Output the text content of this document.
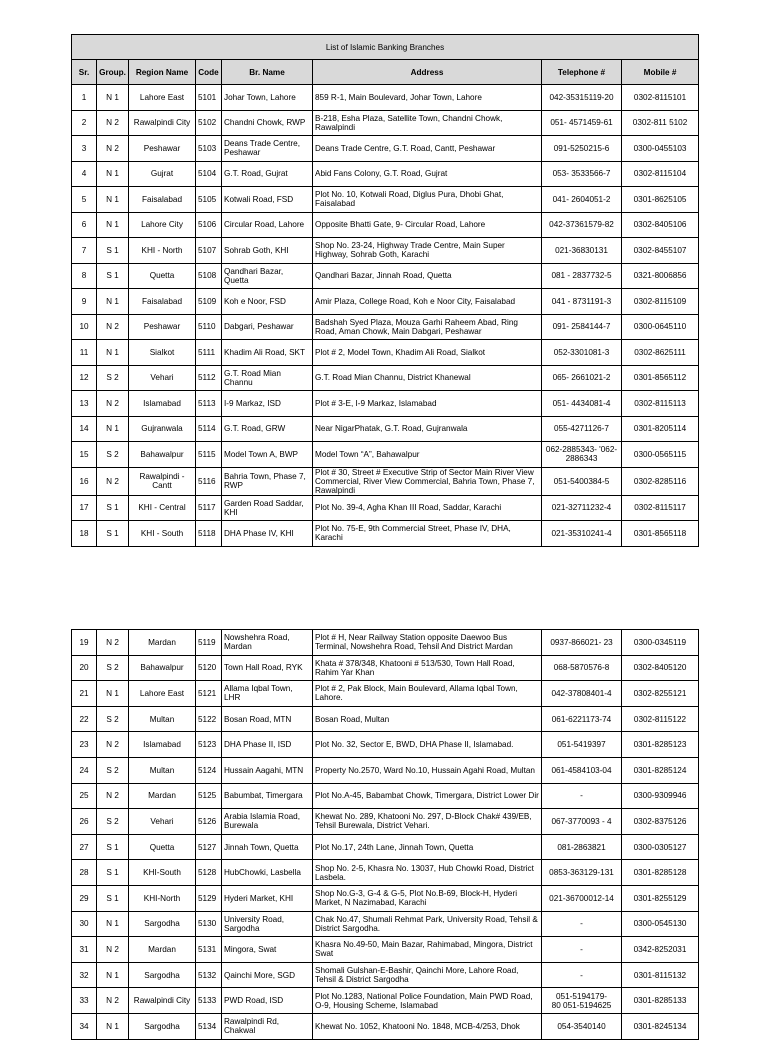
List of Islamic Banking Branches							
Sr.	Group.	Region Name	Code	Br. Name	Address	Telephone #	Mobile #
1	N 1	Lahore East	5101	Johar Town, Lahore	859 R-1, Main Boulevard, Johar Town, Lahore	042-35315119-20	0302-8115101
2	N 2	Rawalpindi City	5102	Chandni Chowk, RWP	B-218, Esha Plaza, Satellite Town, Chandni Chowk, Rawalpindi	051- 4571459-61	0302-811 5102
3	N 2	Peshawar	5103	Deans Trade Centre, Peshawar	Deans Trade Centre, G.T. Road, Cantt, Peshawar	091-5250215-6	0300-0455103
4	N 1	Gujrat	5104	G.T. Road, Gujrat	Abid Fans Colony, G.T. Road, Gujrat	053- 3533566-7	0302-8115104
5	N 1	Faisalabad	5105	Kotwali Road, FSD	Plot No. 10, Kotwali Road, Diglus Pura, Dhobi Ghat, Faisalabad	041- 2604051-2	0301-8625105
6	N 1	Lahore City	5106	Circular Road, Lahore	Opposite Bhatti Gate, 9- Circular Road, Lahore	042-37361579-82	0302-8405106
7	S 1	KHI - North	5107	Sohrab Goth, KHI	Shop No. 23-24, Highway Trade Centre, Main Super Highway, Sohrab Goth, Karachi	021-36830131	0302-8455107
8	S 1	Quetta	5108	Qandhari Bazar, Quetta	Qandhari Bazar, Jinnah Road, Quetta	081 - 2837732-5	0321-8006856
9	N 1	Faisalabad	5109	Koh e Noor, FSD	Amir Plaza, College Road, Koh e Noor City, Faisalabad	041 - 8731191-3	0302-8115109
10	N 2	Peshawar	5110	Dabgari, Peshawar	Badshah Syed Plaza, Mouza Garhi Raheem Abad, Ring Road, Aman Chowk, Main Dabgari, Peshawar	091- 2584144-7	0300-0645110
11	N 1	Sialkot	5111	Khadim Ali Road, SKT	Plot # 2, Model Town, Khadim Ali Road, Sialkot	052-3301081-3	0302-8625111
12	S 2	Vehari	5112	G.T. Road Mian Channu	G.T. Road Mian Channu, District Khanewal	065- 2661021-2	0301-8565112
13	N 2	Islamabad	5113	I-9 Markaz, ISD	Plot # 3-E, I-9 Markaz, Islamabad	051- 4434081-4	0302-8115113
14	N 1	Gujranwala	5114	G.T. Road, GRW	Near NigarPhatak, G.T. Road, Gujranwala	055-4271126-7	0301-8205114
15	S 2	Bahawalpur	5115	Model Town A, BWP	Model Town “A”, Bahawalpur	062-2885343- '062-2886343	0300-0565115
16	N 2	Rawalpindi - Cantt	5116	Bahria Town, Phase 7, RWP	Plot # 30, Street # Executive Strip of Sector Main River View Commercial, River View Commercial, Bahria Town, Phase 7, Rawalpindi	051-5400384-5	0302-8285116
17	S 1	KHI - Central	5117	Garden Road Saddar, KHI	Plot No. 39-4, Agha Khan III Road, Saddar, Karachi	021-32711232-4	0302-8115117
18	S 1	KHI - South	5118	DHA Phase IV, KHI	Plot No. 75-E, 9th Commercial Street, Phase IV, DHA, Karachi	021-35310241-4	0301-8565118
19	N 2	Mardan	5119	Nowshehra Road, Mardan	Plot # H, Near Railway Station opposite Daewoo Bus Terminal, Nowshehra Road, Tehsil And District Mardan	0937-866021- 23	0300-0345119
20	S 2	Bahawalpur	5120	Town Hall Road, RYK	Khata # 378/348, Khatooni # 513/530, Town Hall Road, Rahim Yar Khan	068-5870576-8	0302-8405120
21	N 1	Lahore East	5121	Allama Iqbal Town, LHR	Plot # 2, Pak Block, Main Boulevard, Allama Iqbal Town, Lahore.	042-37808401-4	0302-8255121
22	S 2	Multan	5122	Bosan Road, MTN	Bosan Road, Multan	061-6221173-74	0302-8115122
23	N 2	Islamabad	5123	DHA Phase II, ISD	Plot No. 32, Sector E, BWD, DHA Phase II, Islamabad.	051-5419397	0301-8285123
24	S 2	Multan	5124	Hussain Aagahi, MTN	Property No.2570, Ward No.10, Hussain Agahi Road, Multan	061-4584103-04	0301-8285124
25	N 2	Mardan	5125	Babumbat, Timergara	Plot No.A-45, Babambat Chowk, Timergara, District Lower Dir	-	0300-9309946
26	S 2	Vehari	5126	Arabia Islamia Road, Burewala	Khewat No. 289, Khatooni No. 297, D-Block Chak# 439/EB, Tehsil Burewala, District Vehari.	067-3770093 - 4	0302-8375126
27	S 1	Quetta	5127	Jinnah Town, Quetta	Plot No.17, 24th Lane, Jinnah Town, Quetta	081-2863821	0300-0305127
28	S 1	KHI-South	5128	HubChowki, Lasbella	Shop No. 2-5, Khasra No. 13037, Hub Chowki Road, District Lasbela.	0853-363129-131	0301-8285128
29	S 1	KHI-North	5129	Hyderi Market, KHI	Shop No.G-3, G-4 & G-5, Plot No.B-69, Block-H, Hyderi Market, N Nazimabad, Karachi	021-36700012-14	0301-8255129
30	N 1	Sargodha	5130	University Road, Sargodha	Chak No.47, Shumali Rehmat Park, University Road, Tehsil & District Sargodha.	-	0300-0545130
31	N 2	Mardan	5131	Mingora, Swat	Khasra No.49-50, Main Bazar, Rahimabad, Mingora, District Swat	-	0342-8252031
32	N 1	Sargodha	5132	Qainchi More, SGD	Shomali Gulshan-E-Bashir, Qainchi More, Lahore Road, Tehsil & District Sargodha	-	0301-8115132
33	N 2	Rawalpindi City	5133	PWD Road, ISD	Plot No.1283, National Police Foundation, Main PWD Road, O-9, Housing Scheme, Islamabad	051-5194179-80 051-5194625	0301-8285133
34	N 1	Sargodha	5134	Rawalpindi Rd, Chakwal	Khewat No. 1052, Khatooni No. 1848, MCB-4/253, Dhok	054-3540140	0301-8245134
